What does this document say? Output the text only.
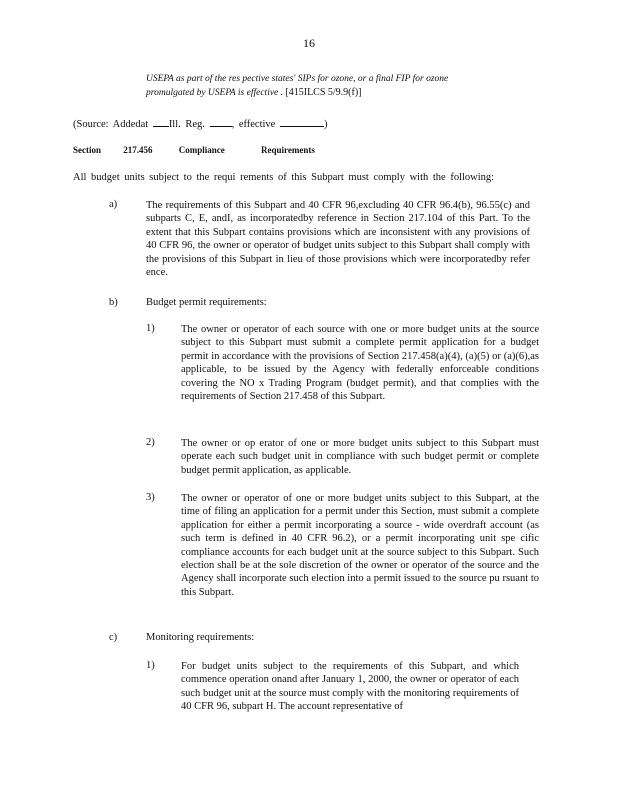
16
USEPA as part of the res pective states' SIPs for ozone, or a final FIP for ozone
promulgated by USEPA is effective . [415ILCS 5/9.9(f)]
(Source: Addedat Ill. Reg.	, effective	)
Section 217.456	Compliance	Requirements
All budget units subject to the requi rements of this Subpart must comply with the following:
a)	The requirements of this Subpart and 40 CFR 96,excluding 40 CFR 96.4(b), 96.55(c) and subparts C, E, andI, as incorporatedby reference in Section 217.104 of this Part. To the extent that this Subpart contains provisions which are inconsistent with any provisions of 40 CFR 96, the owner or operator of budget units subject to this Subpart shall comply with the provisions of this Subpart in lieu of those provisions which were incorporatedby refer ence.
b)	Budget permit requirements:
1)	The owner or operator of each source with one or more budget units at the source subject to this Subpart must submit a complete permit application for a budget permit in accordance with the provisions of Section 217.458(a)(4), (a)(5) or (a)(6),as applicable, to be issued by the Agency with federally enforceable conditions covering the NO x Trading Program (budget permit), and that complies with the requirements of Section 217.458 of this Subpart.
2)	The owner or op erator of one or more budget units subject to this Subpart must operate each such budget unit in compliance with such budget permit or complete budget permit application, as applicable.
3)	The owner or operator of one or more budget units subject to this Subpart, at the time of filing an application for a permit under this Section, must submit a complete application for either a permit incorporating a source - wide overdraft account (as such term is defined in 40 CFR 96.2), or a permit incorporating unit spe cific compliance accounts for each budget unit at the source subject to this Subpart. Such election shall be at the sole discretion of the owner or operator of the source and the Agency shall incorporate such election into a permit issued to the source pu rsuant to this Subpart.
c)	Monitoring requirements:
1)	For budget units subject to the requirements of this Subpart, and which commence operation onand after January 1, 2000, the owner or operator of each such budget unit at the source must comply with the monitoring requirements of 40 CFR 96, subpart H. The account representative of
